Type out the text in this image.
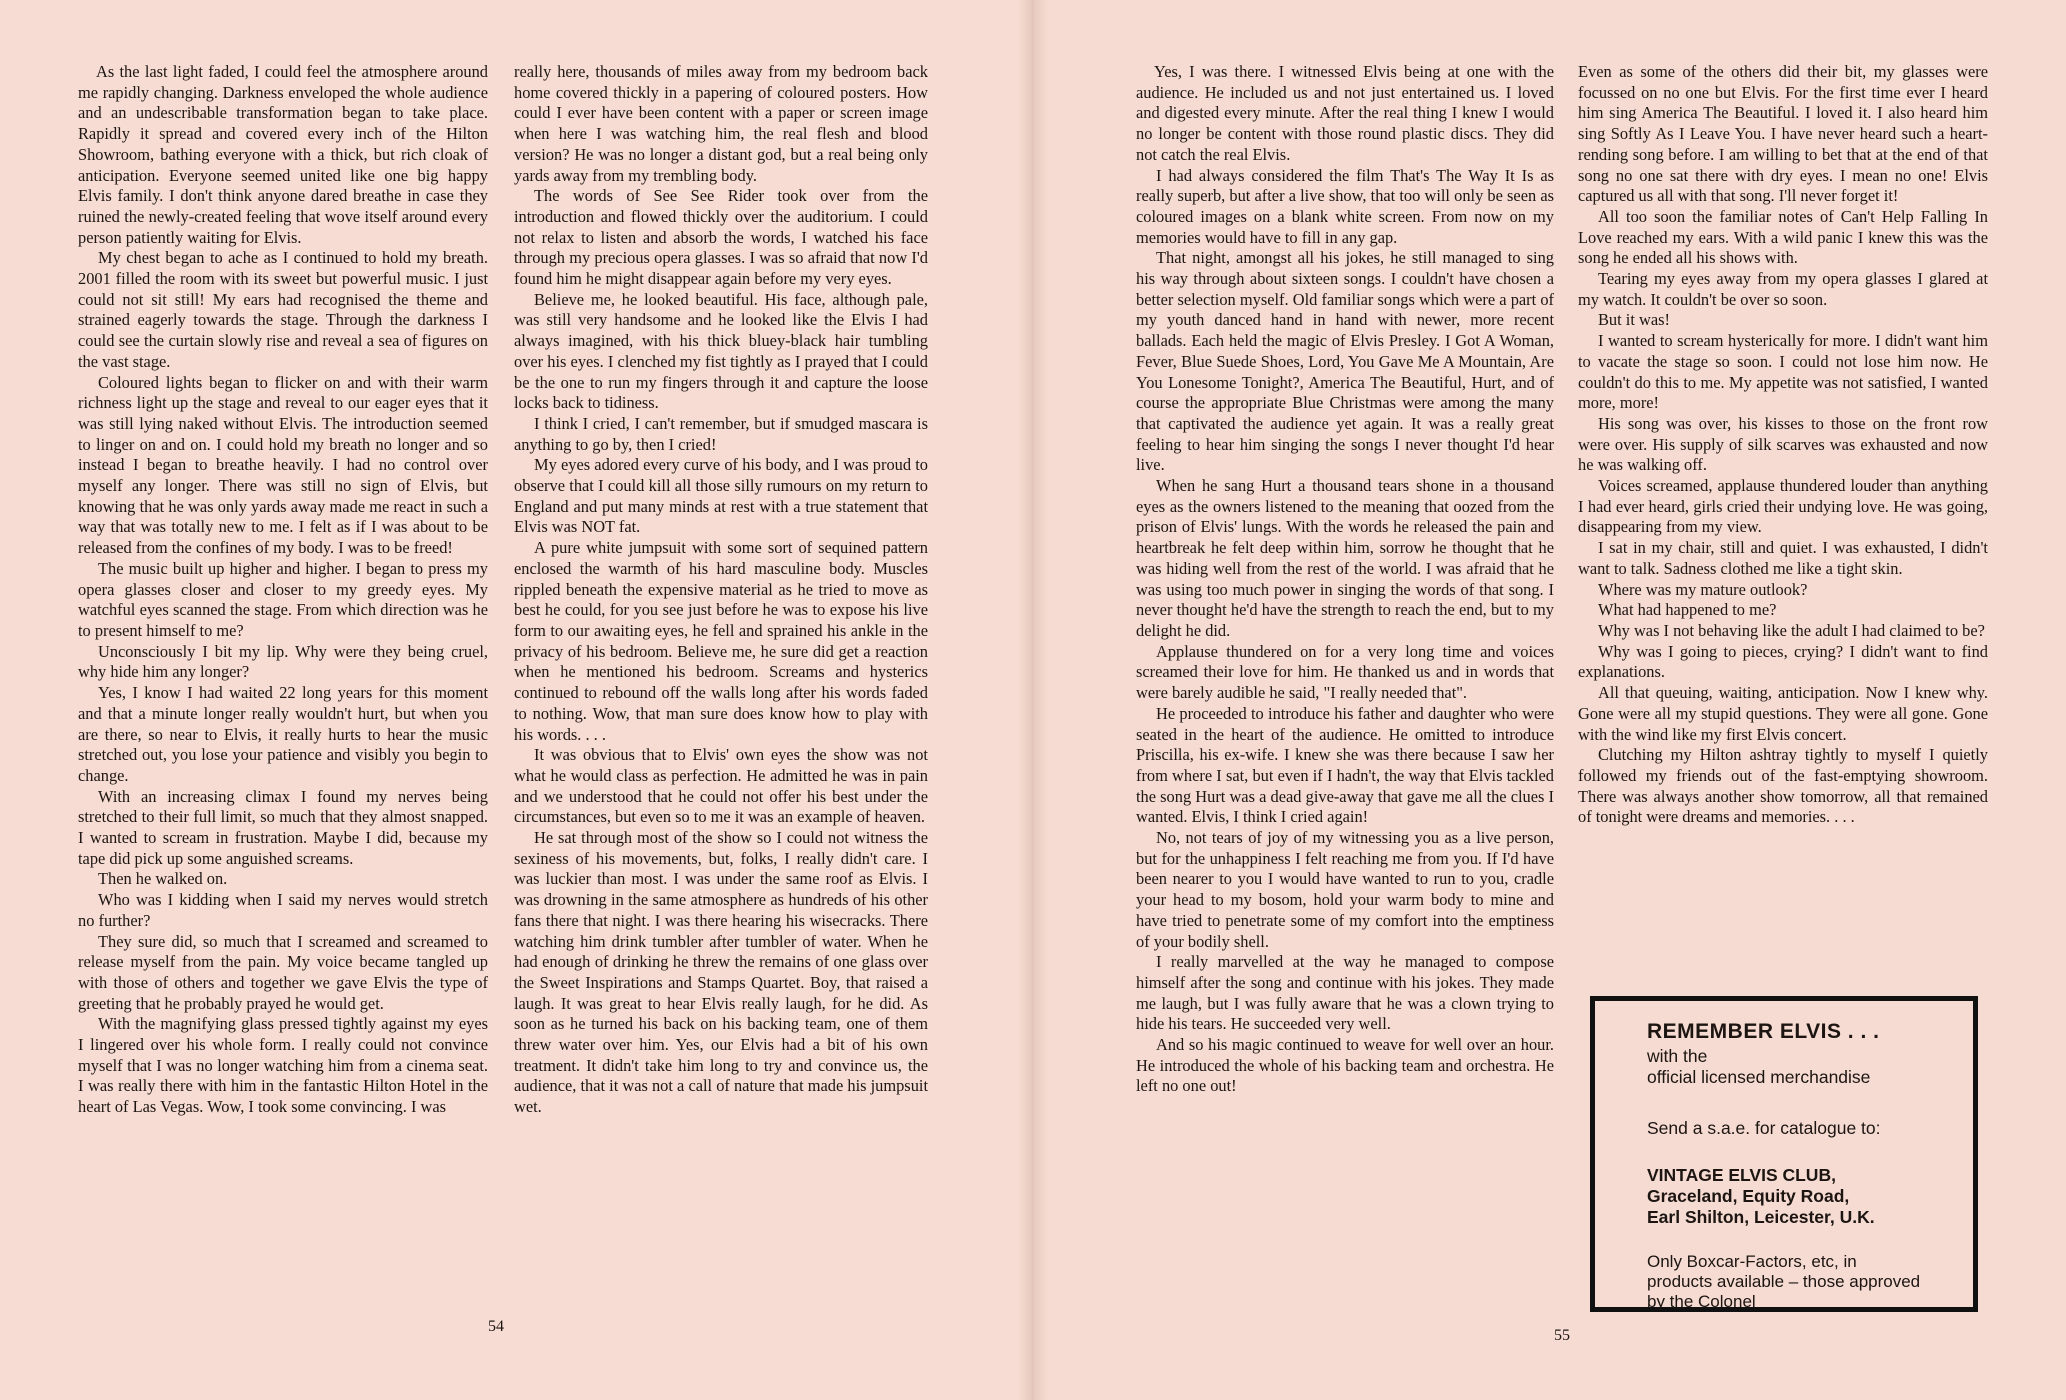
As the last light faded, I could feel the atmosphere around me rapidly changing. Darkness enveloped the whole audience and an undescribable transformation began to take place. Rapidly it spread and covered every inch of the Hilton Showroom, bathing everyone with a thick, but rich cloak of anticipation. Everyone seemed united like one big happy Elvis family. I don't think anyone dared breathe in case they ruined the newly-created feeling that wove itself around every person patiently waiting for Elvis.

My chest began to ache as I continued to hold my breath. 2001 filled the room with its sweet but powerful music. I just could not sit still! My ears had recognised the theme and strained eagerly towards the stage. Through the darkness I could see the curtain slowly rise and reveal a sea of figures on the vast stage.

Coloured lights began to flicker on and with their warm richness light up the stage and reveal to our eager eyes that it was still lying naked without Elvis. The introduction seemed to linger on and on. I could hold my breath no longer and so instead I began to breathe heavily. I had no control over myself any longer. There was still no sign of Elvis, but knowing that he was only yards away made me react in such a way that was totally new to me. I felt as if I was about to be released from the confines of my body. I was to be freed!

The music built up higher and higher. I began to press my opera glasses closer and closer to my greedy eyes. My watchful eyes scanned the stage. From which direction was he to present himself to me?

Unconsciously I bit my lip. Why were they being cruel, why hide him any longer?

Yes, I know I had waited 22 long years for this moment and that a minute longer really wouldn't hurt, but when you are there, so near to Elvis, it really hurts to hear the music stretched out, you lose your patience and visibly you begin to change.

With an increasing climax I found my nerves being stretched to their full limit, so much that they almost snapped. I wanted to scream in frustration. Maybe I did, because my tape did pick up some anguished screams.

Then he walked on.

Who was I kidding when I said my nerves would stretch no further?

They sure did, so much that I screamed and screamed to release myself from the pain. My voice became tangled up with those of others and together we gave Elvis the type of greeting that he probably prayed he would get.

With the magnifying glass pressed tightly against my eyes I lingered over his whole form. I really could not convince myself that I was no longer watching him from a cinema seat. I was really there with him in the fantastic Hilton Hotel in the heart of Las Vegas. Wow, I took some convincing. I was

really here, thousands of miles away from my bedroom back home covered thickly in a papering of coloured posters. How could I ever have been content with a paper or screen image when here I was watching him, the real flesh and blood version? He was no longer a distant god, but a real being only yards away from my trembling body.

The words of See See Rider took over from the introduction and flowed thickly over the auditorium. I could not relax to listen and absorb the words, I watched his face through my precious opera glasses. I was so afraid that now I'd found him he might disappear again before my very eyes.

Believe me, he looked beautiful. His face, although pale, was still very handsome and he looked like the Elvis I had always imagined, with his thick bluey-black hair tumbling over his eyes. I clenched my fist tightly as I prayed that I could be the one to run my fingers through it and capture the loose locks back to tidiness.

I think I cried, I can't remember, but if smudged mascara is anything to go by, then I cried!

My eyes adored every curve of his body, and I was proud to observe that I could kill all those silly rumours on my return to England and put many minds at rest with a true statement that Elvis was NOT fat.

A pure white jumpsuit with some sort of sequined pattern enclosed the warmth of his hard masculine body. Muscles rippled beneath the expensive material as he tried to move as best he could, for you see just before he was to expose his live form to our awaiting eyes, he fell and sprained his ankle in the privacy of his bedroom. Believe me, he sure did get a reaction when he mentioned his bedroom. Screams and hysterics continued to rebound off the walls long after his words faded to nothing. Wow, that man sure does know how to play with his words. . . .

It was obvious that to Elvis' own eyes the show was not what he would class as perfection. He admitted he was in pain and we understood that he could not offer his best under the circumstances, but even so to me it was an example of heaven.

He sat through most of the show so I could not witness the sexiness of his movements, but, folks, I really didn't care. I was luckier than most. I was under the same roof as Elvis. I was drowning in the same atmosphere as hundreds of his other fans there that night. I was there hearing his wisecracks. There watching him drink tumbler after tumbler of water. When he had enough of drinking he threw the remains of one glass over the Sweet Inspirations and Stamps Quartet. Boy, that raised a laugh. It was great to hear Elvis really laugh, for he did. As soon as he turned his back on his backing team, one of them threw water over him. Yes, our Elvis had a bit of his own treatment. It didn't take him long to try and convince us, the audience, that it was not a call of nature that made his jumpsuit wet.

54

Yes, I was there. I witnessed Elvis being at one with the audience. He included us and not just entertained us. I loved and digested every minute. After the real thing I knew I would no longer be content with those round plastic discs. They did not catch the real Elvis.

I had always considered the film That's The Way It Is as really superb, but after a live show, that too will only be seen as coloured images on a blank white screen. From now on my memories would have to fill in any gap.

That night, amongst all his jokes, he still managed to sing his way through about sixteen songs. I couldn't have chosen a better selection myself. Old familiar songs which were a part of my youth danced hand in hand with newer, more recent ballads. Each held the magic of Elvis Presley. I Got A Woman, Fever, Blue Suede Shoes, Lord, You Gave Me A Mountain, Are You Lonesome Tonight?, America The Beautiful, Hurt, and of course the appropriate Blue Christmas were among the many that captivated the audience yet again. It was a really great feeling to hear him singing the songs I never thought I'd hear live.

When he sang Hurt a thousand tears shone in a thousand eyes as the owners listened to the meaning that oozed from the prison of Elvis' lungs. With the words he released the pain and heartbreak he felt deep within him, sorrow he thought that he was hiding well from the rest of the world. I was afraid that he was using too much power in singing the words of that song. I never thought he'd have the strength to reach the end, but to my delight he did.

Applause thundered on for a very long time and voices screamed their love for him. He thanked us and in words that were barely audible he said, "I really needed that".

He proceeded to introduce his father and daughter who were seated in the heart of the audience. He omitted to introduce Priscilla, his ex-wife. I knew she was there because I saw her from where I sat, but even if I hadn't, the way that Elvis tackled the song Hurt was a dead give-away that gave me all the clues I wanted. Elvis, I think I cried again!

No, not tears of joy of my witnessing you as a live person, but for the unhappiness I felt reaching me from you. If I'd have been nearer to you I would have wanted to run to you, cradle your head to my bosom, hold your warm body to mine and have tried to penetrate some of my comfort into the emptiness of your bodily shell.

I really marvelled at the way he managed to compose himself after the song and continue with his jokes. They made me laugh, but I was fully aware that he was a clown trying to hide his tears. He succeeded very well.

And so his magic continued to weave for well over an hour. He introduced the whole of his backing team and orchestra. He left no one out!

Even as some of the others did their bit, my glasses were focussed on no one but Elvis. For the first time ever I heard him sing America The Beautiful. I loved it. I also heard him sing Softly As I Leave You. I have never heard such a heart-rending song before. I am willing to bet that at the end of that song no one sat there with dry eyes. I mean no one! Elvis captured us all with that song. I'll never forget it!

All too soon the familiar notes of Can't Help Falling In Love reached my ears. With a wild panic I knew this was the song he ended all his shows with.

Tearing my eyes away from my opera glasses I glared at my watch. It couldn't be over so soon.

But it was!

I wanted to scream hysterically for more. I didn't want him to vacate the stage so soon. I could not lose him now. He couldn't do this to me. My appetite was not satisfied, I wanted more, more!

His song was over, his kisses to those on the front row were over. His supply of silk scarves was exhausted and now he was walking off.

Voices screamed, applause thundered louder than anything I had ever heard, girls cried their undying love. He was going, disappearing from my view.

I sat in my chair, still and quiet. I was exhausted, I didn't want to talk. Sadness clothed me like a tight skin.

Where was my mature outlook?

What had happened to me?

Why was I not behaving like the adult I had claimed to be?

Why was I going to pieces, crying? I didn't want to find explanations.

All that queuing, waiting, anticipation. Now I knew why. Gone were all my stupid questions. They were all gone. Gone with the wind like my first Elvis concert.

Clutching my Hilton ashtray tightly to myself I quietly followed my friends out of the fast-emptying showroom. There was always another show tomorrow, all that remained of tonight were dreams and memories. . . .

REMEMBER ELVIS . . .
with the
official licensed merchandise
Send a s.a.e. for catalogue to:
VINTAGE ELVIS CLUB,
Graceland, Equity Road,
Earl Shilton, Leicester, U.K.
Only Boxcar-Factors, etc, in
products available – those approved
by the Colonel
55
